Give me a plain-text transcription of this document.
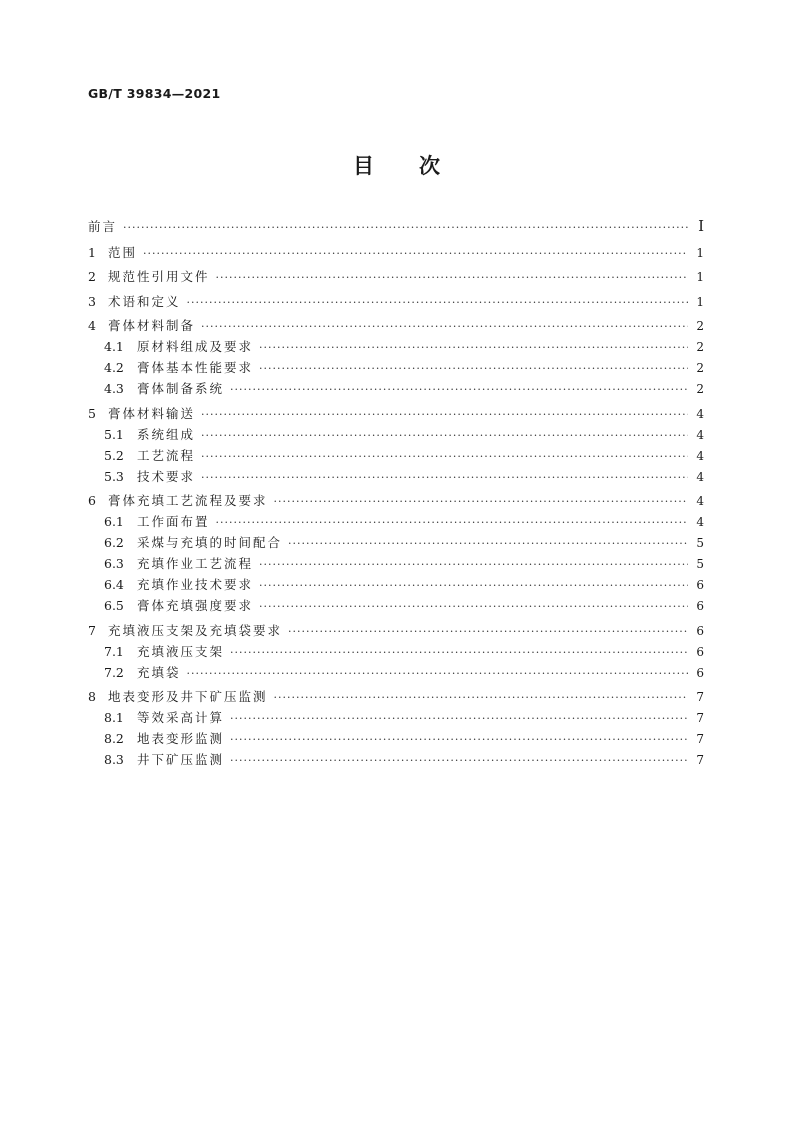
GB/T 39834—2021
目　　次
前言 ·····	I
1 范围 ·····	1
2 规范性引用文件 ·····	1
3 术语和定义 ·····	1
4 膏体材料制备 ·····	2
4.1	原材料组成及要求 ·····	2
4.2	膏体基本性能要求 ·····	2
4.3	膏体制备系统 ·····	2
5 膏体材料输送 ·····	4
5.1	系统组成 ·····	4
5.2	工艺流程 ·····	4
5.3	技术要求 ·····	4
6 膏体充填工艺流程及要求 ·····	4
6.1	工作面布置 ·····	4
6.2	采煤与充填的时间配合 ·····	5
6.3	充填作业工艺流程 ·····	5
6.4	充填作业技术要求 ·····	6
6.5	膏体充填强度要求 ·····	6
7 充填液压支架及充填袋要求 ·····	6
7.1	充填液压支架 ·····	6
7.2	充填袋 ·····	6
8 地表变形及井下矿压监测 ·····	7
8.1	等效采高计算 ·····	7
8.2	地表变形监测 ·····	7
8.3	井下矿压监测 ·····	7
